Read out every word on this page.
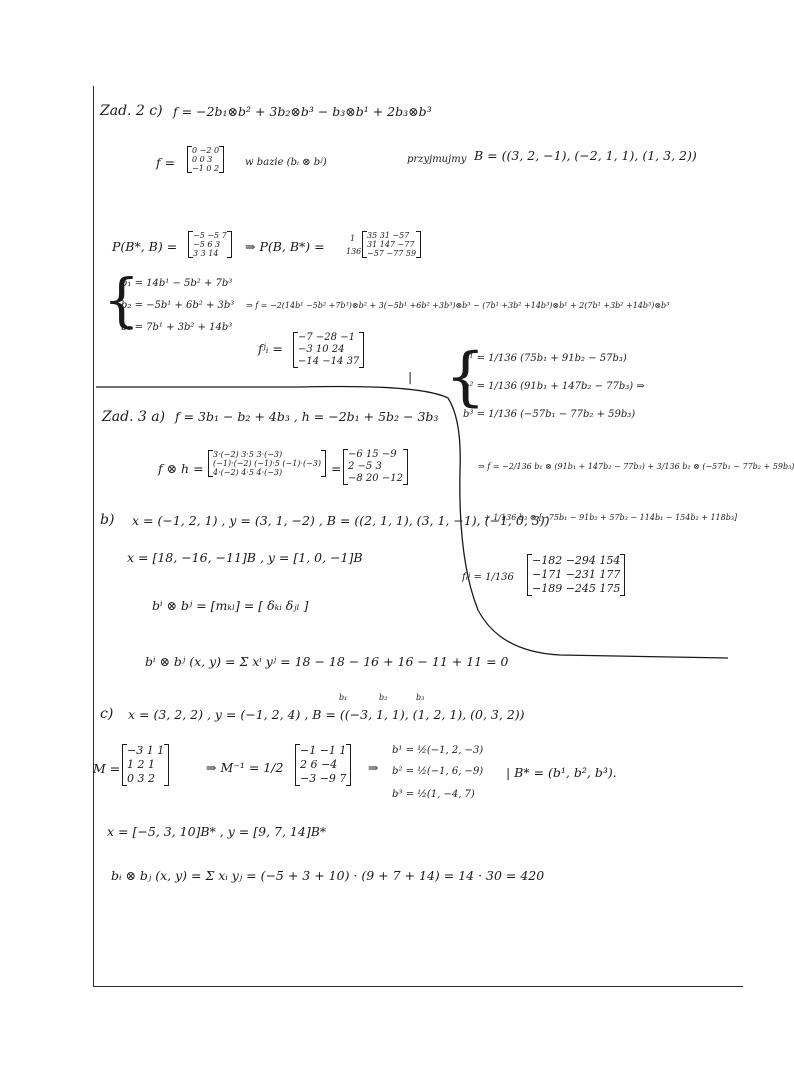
Zad. 2 c) f = −2b₁⊗b² + 3b₂⊗b³ − b₃⊗b¹ + 2b₃⊗b³
f =
0 −2 0
0 0 3
−1 0 2
w bazie (bᵢ ⊗ bʲ)	przyjmujmy B = ((3, 2, −1), (−2, 1, 1), (1, 3, 2))
P(B*, B) =
−5 −5 7
−5 6 3
3 3 14	⇒ P(B, B*) =
1
136
35 31 −57
31 147 −77
−57 −77 59
{
b₁ = 14b¹ − 5b² + 7b³
b₂ = −5b¹ + 6b² + 3b³
b₃ = 7b¹ + 3b² + 14b³
⇒ f = −2(14b¹ −5b² +7b³)⊗b² + 3(−5b¹ +6b² +3b³)⊗b³ − (7b¹ +3b² +14b³)⊗b¹ + 2(7b¹ +3b² +14b³)⊗b³
fʲᵢ =
−7 −28 −1
−3 10 24
−14 −14 37
| {
b¹ = 1/136 (75b₁ + 91b₂ − 57b₃)
b² = 1/136 (91b₁ + 147b₂ − 77b₃) ⇒
b³ = 1/136 (−57b₁ − 77b₂ + 59b₃)
⇒ f = −2/136 b₁ ⊗ (91b₁ + 147b₂ − 77b₃) + 3/136 b₂ ⊗ (−57b₁ − 77b₂ + 59b₃)
+ 1/136 b₃ ⊗ [−75b₁ − 91b₂ + 57b₃ − 114b₁ − 154b₂ + 118b₃]
fᵢʲ = 1/136
−182 −294 154
−171 −231 177
−189 −245 175
Zad. 3 a) f = 3b₁ − b₂ + 4b₃ , h = −2b₁ + 5b₂ − 3b₃
f ⊗ h =
3·(−2) 3·5 3·(−3)
(−1)·(−2) (−1)·5 (−1)·(−3)
4·(−2) 4·5 4·(−3)	=
−6 15 −9
2 −5 3
−8 20 −12
b) x = (−1, 2, 1) , y = (3, 1, −2) , B = ((2, 1, 1), (3, 1, −1), (−1, 0, 3))
x = [18, −16, −11]B , y = [1, 0, −1]B
bⁱ ⊗ bʲ = [mₖₗ] = [ δₖᵢ δⱼₗ ]
bⁱ ⊗ bʲ (x, y) = Σ xⁱ yʲ = 18 − 18 − 16 + 16 − 11 + 11 = 0
c)
b₁	b₂	b₃
x = (3, 2, 2) , y = (−1, 2, 4) , B = ((−3, 1, 1), (1, 2, 1), (0, 3, 2))
M =
−3 1 1
1 2 1
0 3 2
⇒ M⁻¹ = 1/2
−1 −1 1
2 6 −4
−3 −9 7
⇒
b¹ = ½(−1, 2, −3)
b² = ½(−1, 6, −9)
b³ = ½(1, −4, 7)
| B* = (b¹, b², b³).
x = [−5, 3, 10]B* , y = [9, 7, 14]B*
bᵢ ⊗ bⱼ (x, y) = Σ xᵢ yⱼ = (−5 + 3 + 10) · (9 + 7 + 14) = 14 · 30 = 420
